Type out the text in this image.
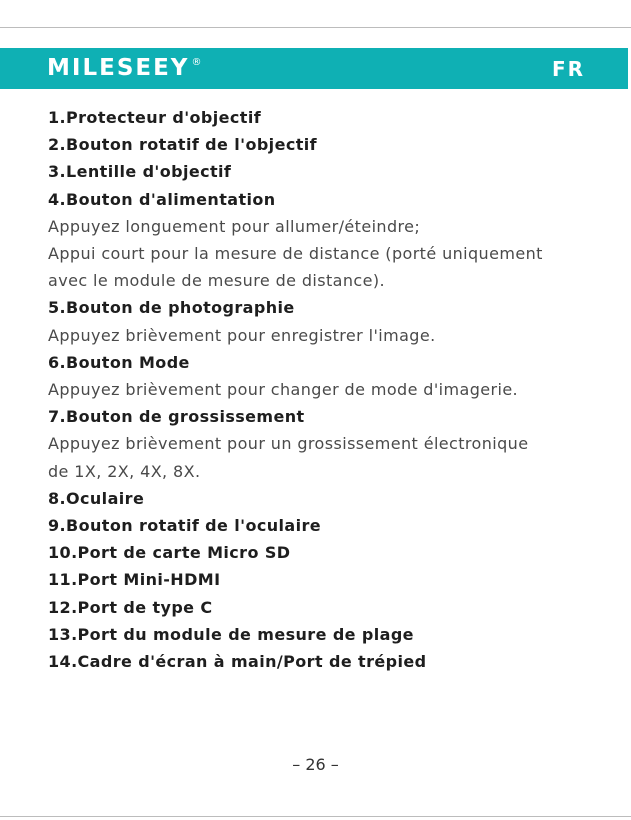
MILESEEY ®	FR
1.Protecteur d'objectif
2.Bouton rotatif de l'objectif
3.Lentille d'objectif
4.Bouton d'alimentation
Appuyez longuement pour allumer/éteindre;
Appui court pour la mesure de distance (porté uniquement
avec le module de mesure de distance).
5.Bouton de photographie
Appuyez brièvement pour enregistrer l'image.
6.Bouton Mode
Appuyez brièvement pour changer de mode d'imagerie.
7.Bouton de grossissement
Appuyez brièvement pour un grossissement électronique
de 1X, 2X, 4X, 8X.
8.Oculaire
9.Bouton rotatif de l'oculaire
10.Port de carte Micro SD
11.Port Mini-HDMI
12.Port de type C
13.Port du module de mesure de plage
14.Cadre d'écran à main/Port de trépied
– 26 –
